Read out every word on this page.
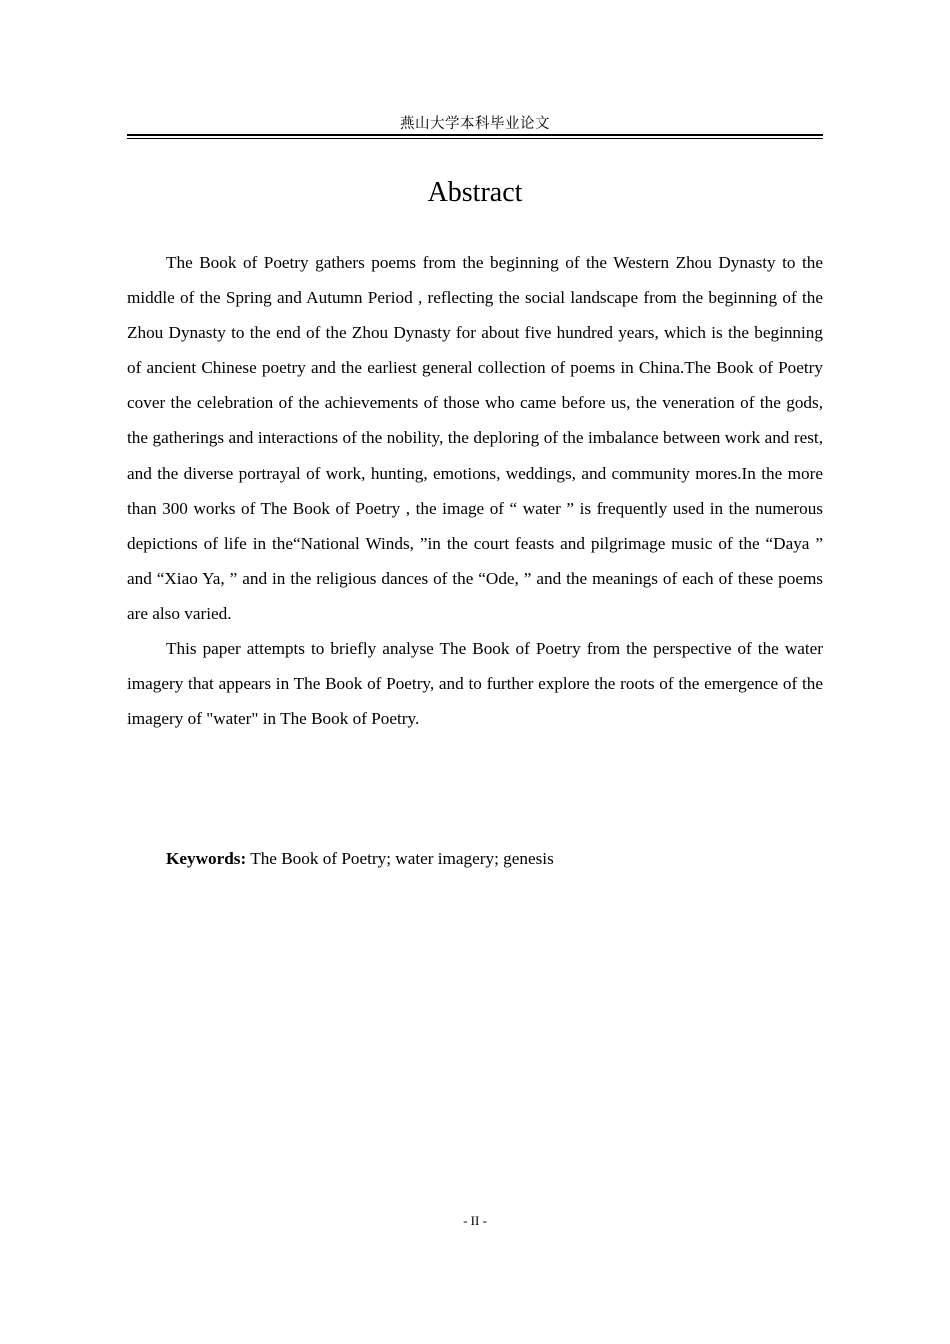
燕山大学本科毕业论文
Abstract

The Book of Poetry gathers poems from the beginning of the Western Zhou Dynasty to the middle of the Spring and Autumn Period , reflecting the social landscape from the beginning of the Zhou Dynasty to the end of the Zhou Dynasty for about five hundred years, which is the beginning of ancient Chinese poetry and the earliest general collection of poems in China.The Book of Poetry cover the celebration of the achievements of those who came before us, the veneration of the gods, the gatherings and interactions of the nobility, the deploring of the imbalance between work and rest, and the diverse portrayal of work, hunting, emotions, weddings, and community mores.In the more than 300 works of The Book of Poetry , the image of “ water ” is frequently used in the numerous depictions of life in the“National Winds, ”in the court feasts and pilgrimage music of the “Daya ” and “Xiao Ya, ” and in the religious dances of the “Ode, ” and the meanings of each of these poems are also varied.

This paper attempts to briefly analyse The Book of Poetry from the perspective of the water imagery that appears in The Book of Poetry, and to further explore the roots of the emergence of the imagery of "water" in The Book of Poetry.

Keywords: The Book of Poetry; water imagery; genesis
- II -
